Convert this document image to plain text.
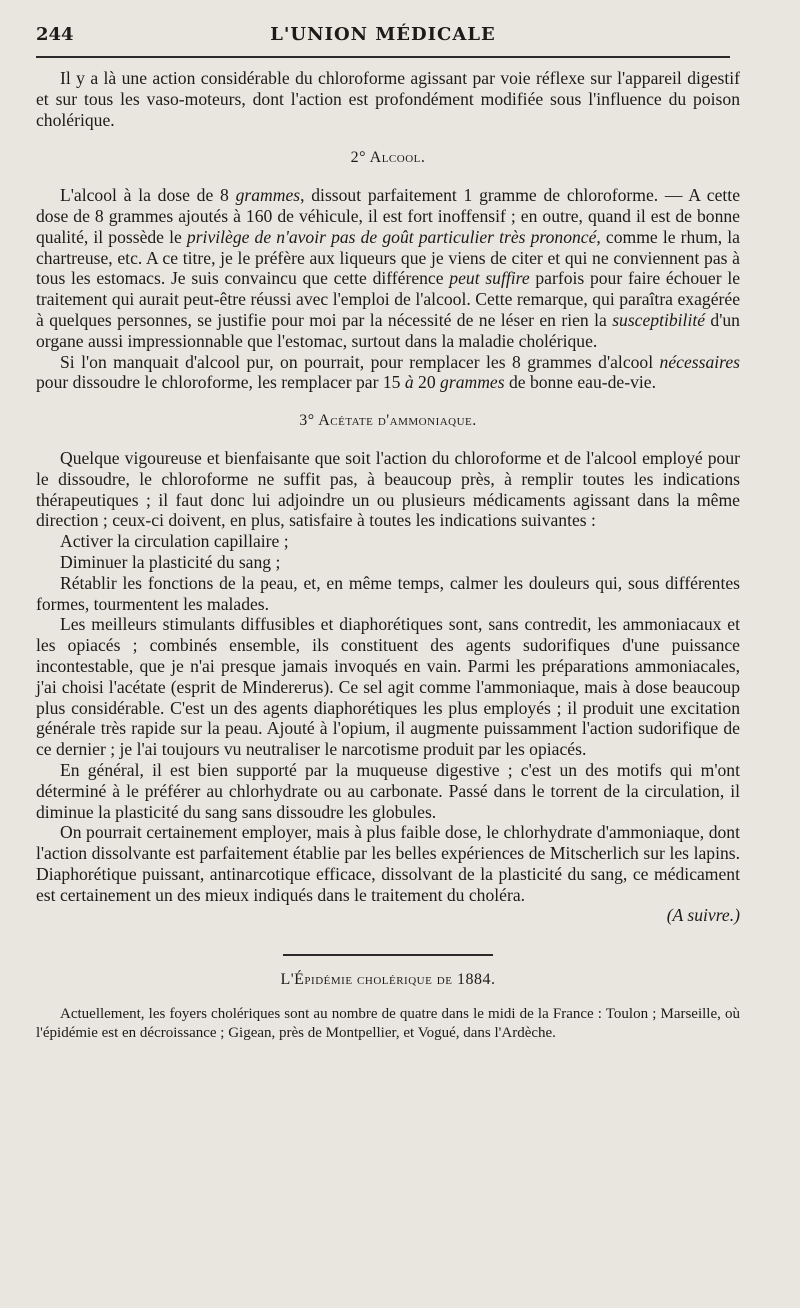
244	L'UNION MÉDICALE

Il y a là une action considérable du chloroforme agissant par voie réflexe sur l'appareil digestif et sur tous les vaso-moteurs, dont l'action est profondément modifiée sous l'influence du poison cholérique.

2° Alcool.

L'alcool à la dose de 8 grammes, dissout parfaitement 1 gramme de chloroforme. — A cette dose de 8 grammes ajoutés à 160 de véhicule, il est fort inoffensif ; en outre, quand il est de bonne qualité, il possède le privilège de n'avoir pas de goût particulier très prononcé, comme le rhum, la chartreuse, etc. A ce titre, je le préfère aux liqueurs que je viens de citer et qui ne conviennent pas à tous les estomacs. Je suis convaincu que cette différence peut suffire parfois pour faire échouer le traitement qui aurait peut-être réussi avec l'emploi de l'alcool. Cette remarque, qui paraîtra exagérée à quelques personnes, se justifie pour moi par la nécessité de ne léser en rien la susceptibilité d'un organe aussi impressionnable que l'estomac, surtout dans la maladie cholérique.

Si l'on manquait d'alcool pur, on pourrait, pour remplacer les 8 grammes d'alcool nécessaires pour dissoudre le chloroforme, les remplacer par 15 à 20 grammes de bonne eau-de-vie.

3° Acétate d'ammoniaque.

Quelque vigoureuse et bienfaisante que soit l'action du chloroforme et de l'alcool employé pour le dissoudre, le chloroforme ne suffit pas, à beaucoup près, à remplir toutes les indications thérapeutiques ; il faut donc lui adjoindre un ou plusieurs médicaments agissant dans la même direction ; ceux-ci doivent, en plus, satisfaire à toutes les indications suivantes :

Activer la circulation capillaire ;

Diminuer la plasticité du sang ;

Rétablir les fonctions de la peau, et, en même temps, calmer les douleurs qui, sous différentes formes, tourmentent les malades.

Les meilleurs stimulants diffusibles et diaphorétiques sont, sans contredit, les ammoniacaux et les opiacés ; combinés ensemble, ils constituent des agents sudorifiques d'une puissance incontestable, que je n'ai presque jamais invoqués en vain. Parmi les préparations ammoniacales, j'ai choisi l'acétate (esprit de Mindererus). Ce sel agit comme l'ammoniaque, mais à dose beaucoup plus considérable. C'est un des agents diaphorétiques les plus employés ; il produit une excitation générale très rapide sur la peau. Ajouté à l'opium, il augmente puissamment l'action sudorifique de ce dernier ; je l'ai toujours vu neutraliser le narcotisme produit par les opiacés.

En général, il est bien supporté par la muqueuse digestive ; c'est un des motifs qui m'ont déterminé à le préférer au chlorhydrate ou au carbonate. Passé dans le torrent de la circulation, il diminue la plasticité du sang sans dissoudre les globules.

On pourrait certainement employer, mais à plus faible dose, le chlorhydrate d'ammoniaque, dont l'action dissolvante est parfaitement établie par les belles expériences de Mitscherlich sur les lapins. Diaphorétique puissant, antinarcotique efficace, dissolvant de la plasticité du sang, ce médicament est certainement un des mieux indiqués dans le traitement du choléra.

(A suivre.)

L'Épidémie cholérique de 1884.

Actuellement, les foyers cholériques sont au nombre de quatre dans le midi de la France : Toulon ; Marseille, où l'épidémie est en décroissance ; Gigean, près de Montpellier, et Vogué, dans l'Ardèche.
